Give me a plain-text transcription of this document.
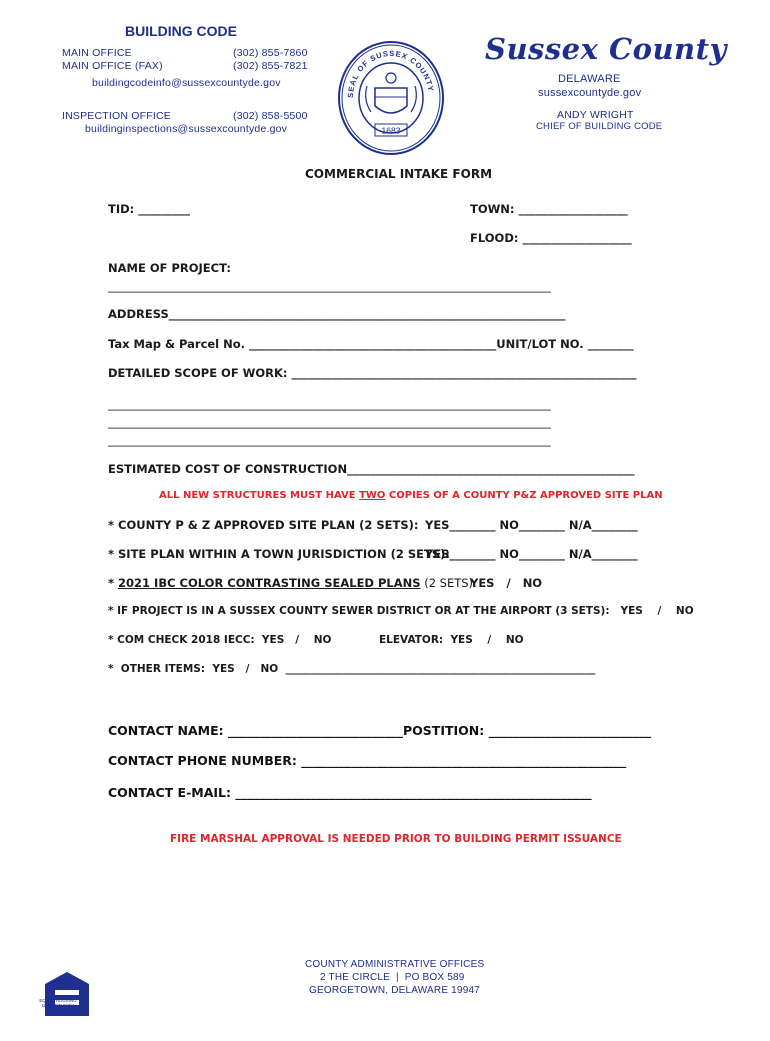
BUILDING CODE
MAIN OFFICE	(302) 855-7860
MAIN OFFICE (FAX)	(302) 855-7821
buildingcodeinfo@sussexcountyde.gov
INSPECTION OFFICE	(302) 858-5500
buildinginspections@sussexcountyde.gov

SEAL OF SUSSEX COUNTY
1683

Sussex County
DELAWARE
sussexcountyde.gov
ANDY WRIGHT
CHIEF OF BUILDING CODE
COMMERCIAL INTAKE FORM
TID: _________	TOWN: ___________________
FLOOD: ___________________
NAME OF PROJECT:
_____________________________________________________________________________
ADDRESS_____________________________________________________________________
Tax Map & Parcel No. ___________________________________________UNIT/LOT NO. ________
DETAILED SCOPE OF WORK: ____________________________________________________________
_____________________________________________________________________________
_____________________________________________________________________________
_____________________________________________________________________________
ESTIMATED COST OF CONSTRUCTION__________________________________________________
ALL NEW STRUCTURES MUST HAVE TWO COPIES OF A COUNTY P&Z APPROVED SITE PLAN
* COUNTY P & Z APPROVED SITE PLAN (2 SETS): YES________ NO________ N/A________
* SITE PLAN WITHIN A TOWN JURISDICTION (2 SETS):
YES________ NO________ N/A________
* 2021 IBC COLOR CONTRASTING SEALED PLANS (2 SETS):
YES   /   NO
* IF PROJECT IS IN A SUSSEX COUNTY SEWER DISTRICT OR AT THE AIRPORT (3 SETS):   YES    /    NO
* COM CHECK 2018 IECC:  YES   /    NO	ELEVATOR:  YES    /    NO
*  OTHER ITEMS:  YES   /   NO  ___________________________________________________________
CONTACT NAME: ____________________________POSTITION: __________________________
CONTACT PHONE NUMBER: ____________________________________________________
CONTACT E-MAIL: _________________________________________________________
FIRE MARSHAL APPROVAL IS NEEDED PRIOR TO BUILDING PERMIT ISSUANCE

EQUAL HOUSING OPPORTUNITY

COUNTY ADMINISTRATIVE OFFICES
2 THE CIRCLE  |  PO BOX 589
GEORGETOWN, DELAWARE 19947
